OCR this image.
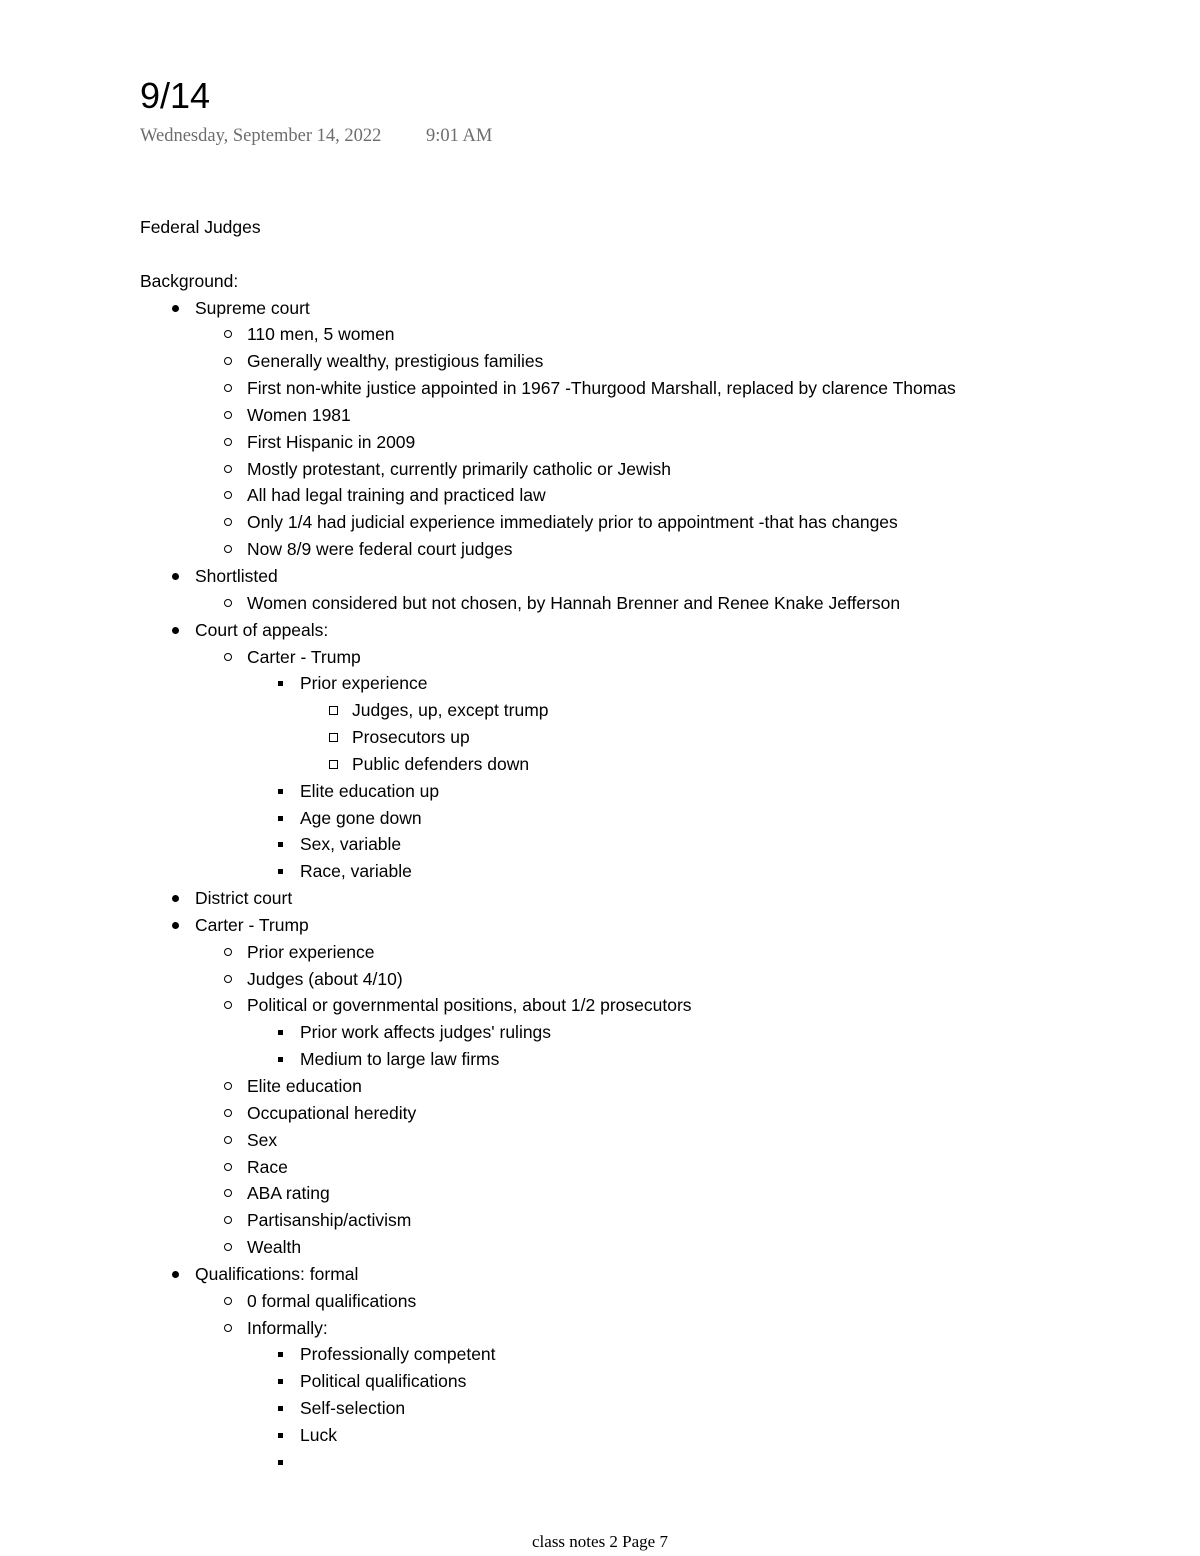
9/14
Wednesday, September 14, 2022 9:01 AM
Federal Judges
Background:
Supreme court
110 men, 5 women
Generally wealthy, prestigious families
First non-white justice appointed in 1967 -Thurgood Marshall, replaced by clarence Thomas
Women 1981
First Hispanic in 2009
Mostly protestant, currently primarily catholic or Jewish
All had legal training and practiced law
Only 1/4 had judicial experience immediately prior to appointment -that has changes
Now 8/9 were federal court judges
Shortlisted
Women considered but not chosen, by Hannah Brenner and Renee Knake Jefferson
Court of appeals:
Carter - Trump
Prior experience
Judges, up, except trump
Prosecutors up
Public defenders down
Elite education up
Age gone down
Sex, variable
Race, variable
District court
Carter - Trump
Prior experience
Judges (about 4/10)
Political or governmental positions, about 1/2 prosecutors
Prior work affects judges' rulings
Medium to large law firms
Elite education
Occupational heredity
Sex
Race
ABA rating
Partisanship/activism
Wealth
Qualifications: formal
0 formal qualifications
Informally:
Professionally competent
Political qualifications
Self-selection
Luck
class notes 2 Page 7
